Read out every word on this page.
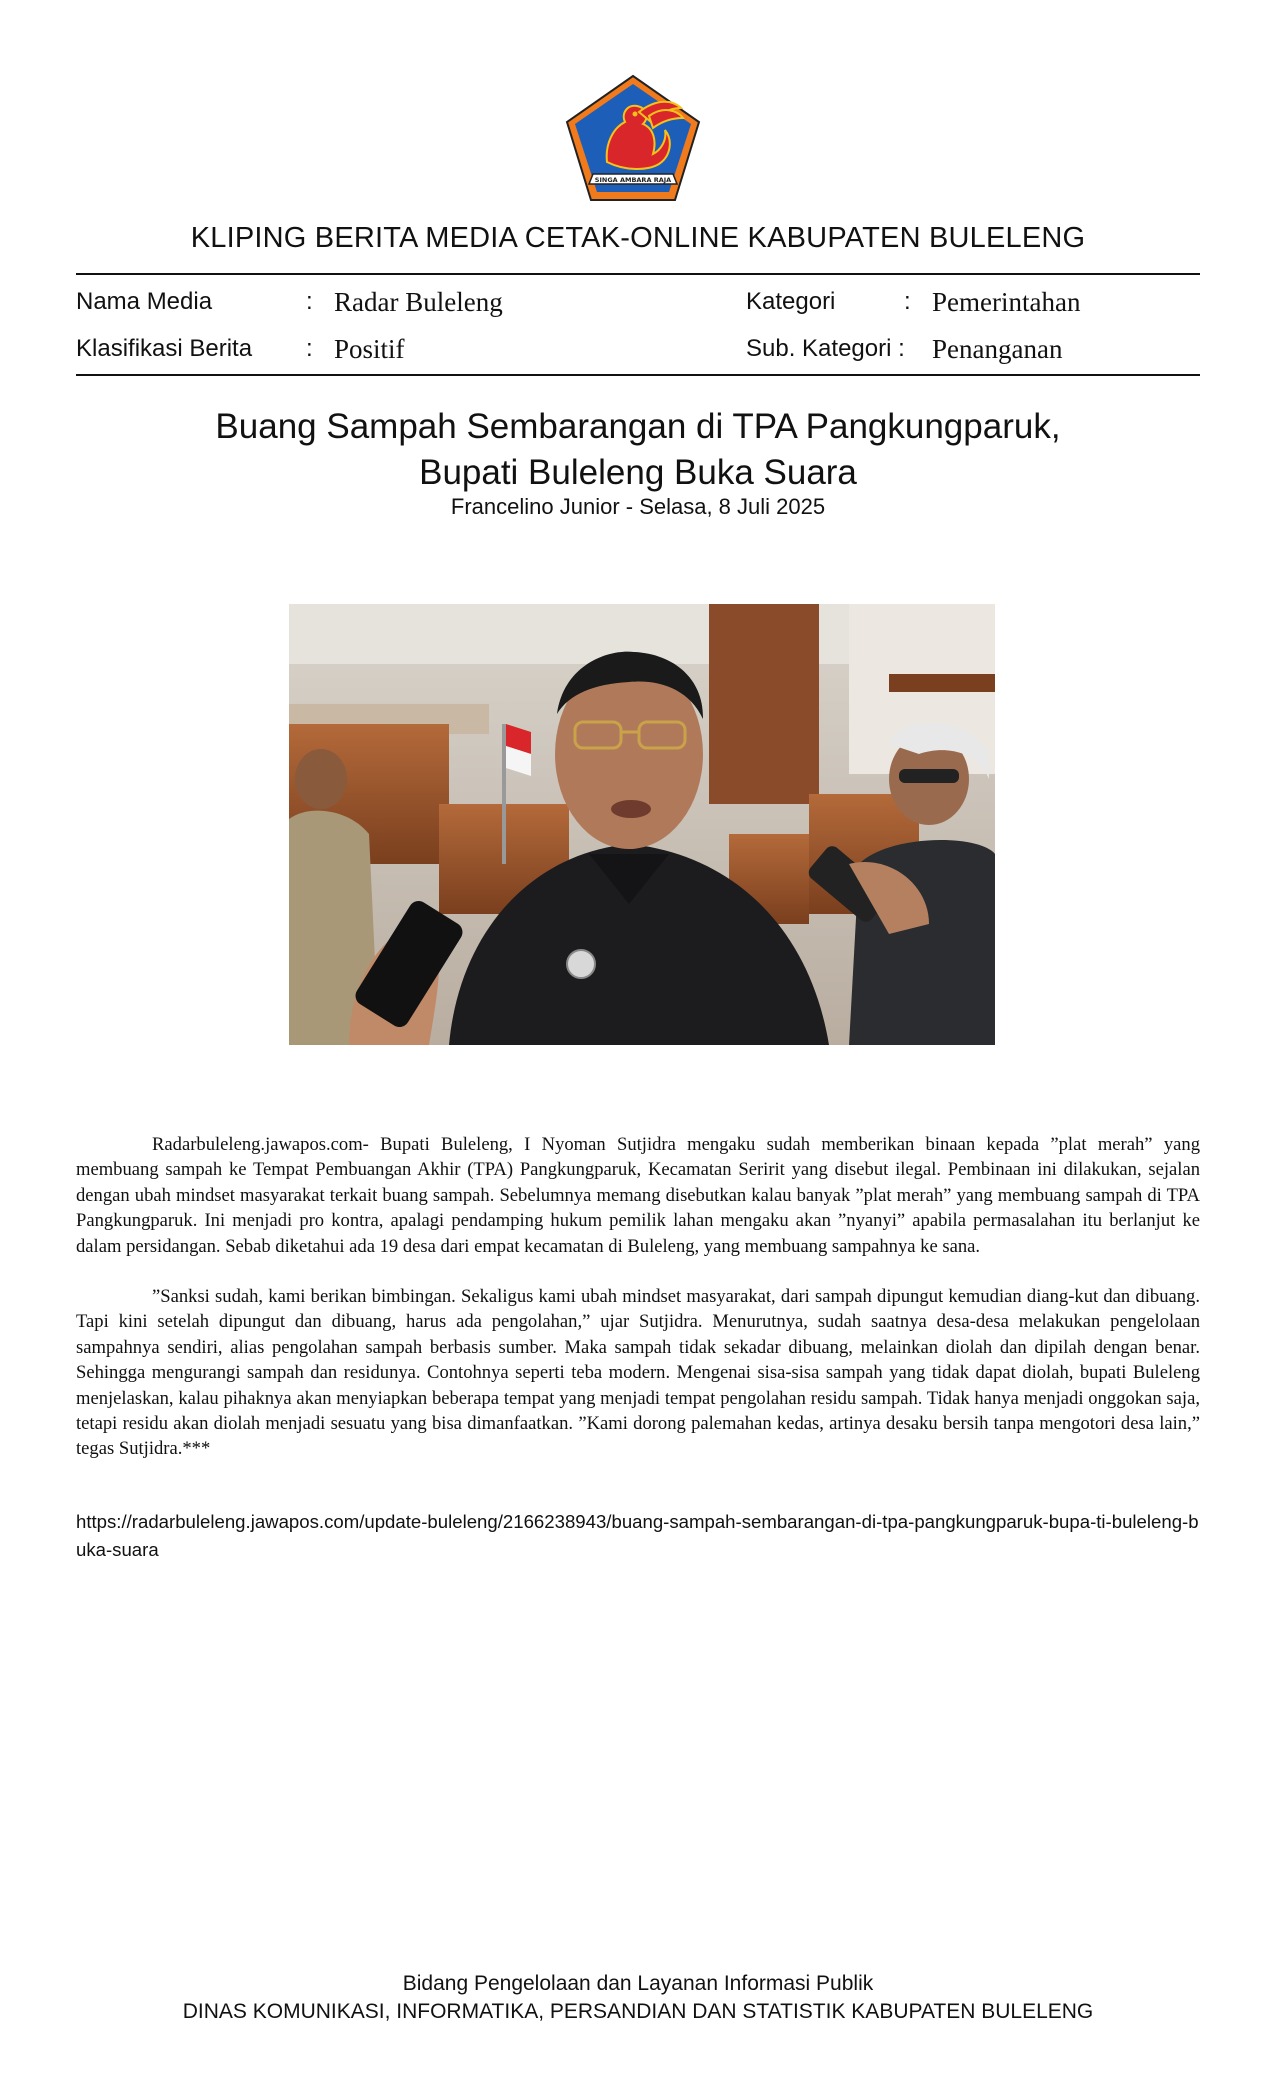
SINGA AMBARA RAJA
KLIPING BERITA MEDIA CETAK-ONLINE KABUPATEN BULELENG
Nama Media	: Radar Buleleng
Klasifikasi Berita : Positif
Kategori	: Pemerintahan
Sub. Kategori : Penanganan
Buang Sampah Sembarangan di TPA Pangkungparuk,
Bupati Buleleng Buka Suara
Francelino Junior - Selasa, 8 Juli 2025

Radarbuleleng.jawapos.com- Bupati Buleleng, I Nyoman Sutjidra mengaku sudah memberikan binaan kepada ”plat merah” yang membuang sampah ke Tempat Pembuangan Akhir (TPA) Pangkungparuk, Kecamatan Seririt yang disebut ilegal. Pembinaan ini dilakukan, sejalan dengan ubah mindset masyarakat terkait buang sampah. Sebelumnya memang disebutkan kalau banyak ”plat merah” yang membuang sampah di TPA Pangkungparuk. Ini menjadi pro kontra, apalagi pendamping hukum pemilik lahan mengaku akan ”nyanyi” apabila permasalahan itu berlanjut ke dalam persidangan. Sebab diketahui ada 19 desa dari empat kecamatan di Buleleng, yang membuang sampahnya ke sana.

”Sanksi sudah, kami berikan bimbingan. Sekaligus kami ubah mindset masyarakat, dari sampah dipungut kemudian diang-kut dan dibuang. Tapi kini setelah dipungut dan dibuang, harus ada pengolahan,” ujar Sutjidra. Menurutnya, sudah saatnya desa-desa melakukan pengelolaan sampahnya sendiri, alias pengolahan sampah berbasis sumber. Maka sampah tidak sekadar dibuang, melainkan diolah dan dipilah dengan benar. Sehingga mengurangi sampah dan residunya. Contohnya seperti teba modern. Mengenai sisa-sisa sampah yang tidak dapat diolah, bupati Buleleng menjelaskan, kalau pihaknya akan menyiapkan beberapa tempat yang menjadi tempat pengolahan residu sampah. Tidak hanya menjadi onggokan saja, tetapi residu akan diolah menjadi sesuatu yang bisa dimanfaatkan. ”Kami dorong palemahan kedas, artinya desaku bersih tanpa mengotori desa lain,” tegas Sutjidra.***

https://radarbuleleng.jawapos.com/update-buleleng/2166238943/buang-sampah-sembarangan-di-tpa-pangkungparuk-bupa-ti-buleleng-buka-suara
Bidang Pengelolaan dan Layanan Informasi Publik
DINAS KOMUNIKASI, INFORMATIKA, PERSANDIAN DAN STATISTIK KABUPATEN BULELENG
